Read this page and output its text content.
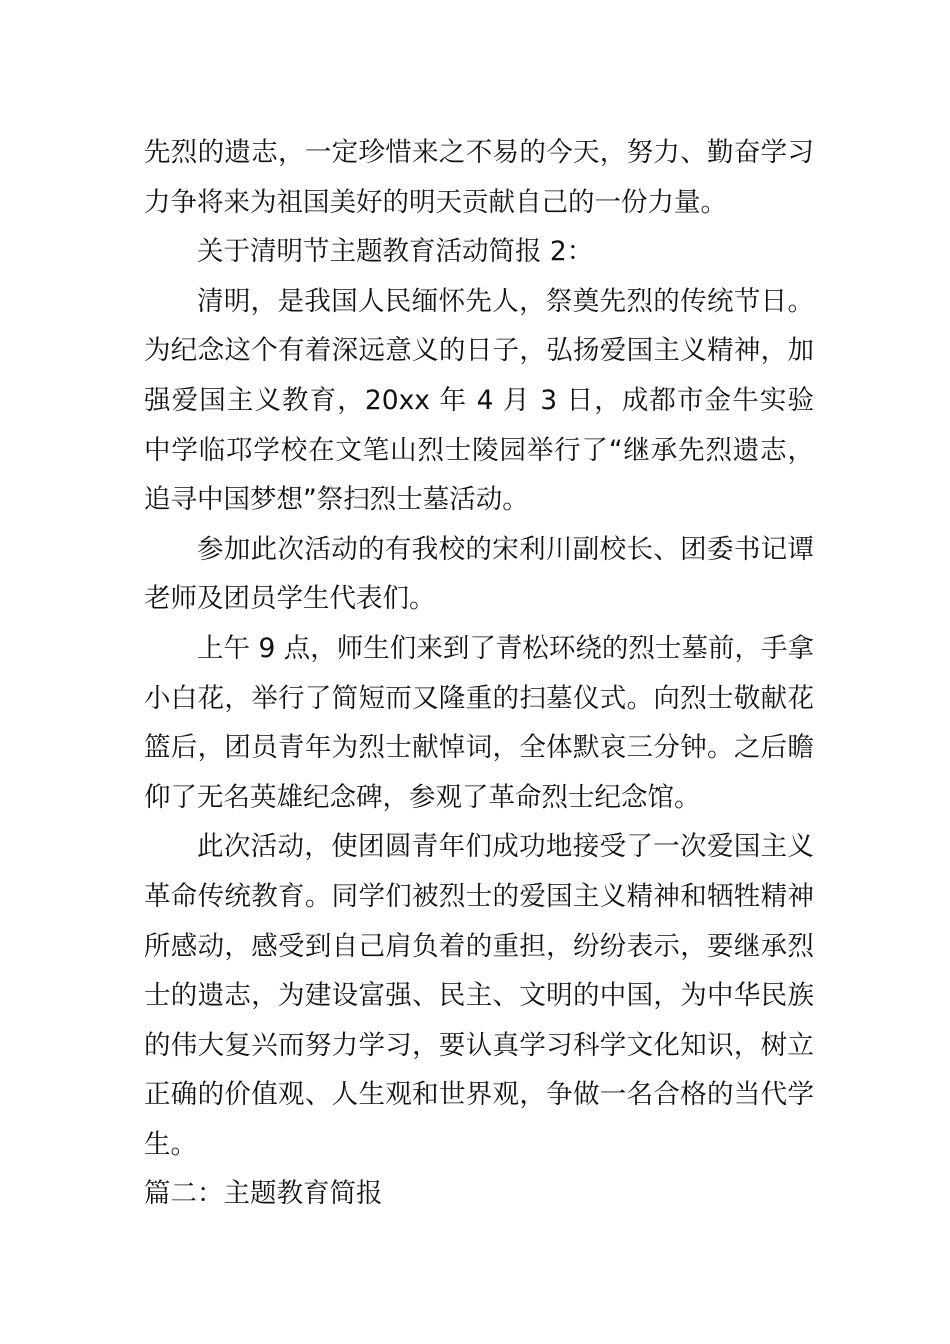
先烈的遗志，一定珍惜来之不易的今天，努力、勤奋学习力争将来为祖国美好的明天贡献自己的一份力量。

关于清明节主题教育活动简报 2：

清明，是我国人民缅怀先人，祭奠先烈的传统节日。为纪念这个有着深远意义的日子，弘扬爱国主义精神，加强爱国主义教育，20xx 年 4 月 3 日，成都市金牛实验中学临邛学校在文笔山烈士陵园举行了“继承先烈遗志，追寻中国梦想”祭扫烈士墓活动。

参加此次活动的有我校的宋利川副校长、团委书记谭老师及团员学生代表们。

上午 9 点，师生们来到了青松环绕的烈士墓前，手拿小白花，举行了简短而又隆重的扫墓仪式。向烈士敬献花篮后，团员青年为烈士献悼词，全体默哀三分钟。之后瞻仰了无名英雄纪念碑，参观了革命烈士纪念馆。

此次活动，使团圆青年们成功地接受了一次爱国主义革命传统教育。同学们被烈士的爱国主义精神和牺牲精神所感动，感受到自己肩负着的重担，纷纷表示，要继承烈士的遗志，为建设富强、民主、文明的中国，为中华民族的伟大复兴而努力学习，要认真学习科学文化知识，树立正确的价值观、人生观和世界观，争做一名合格的当代学生。

篇二：主题教育简报
